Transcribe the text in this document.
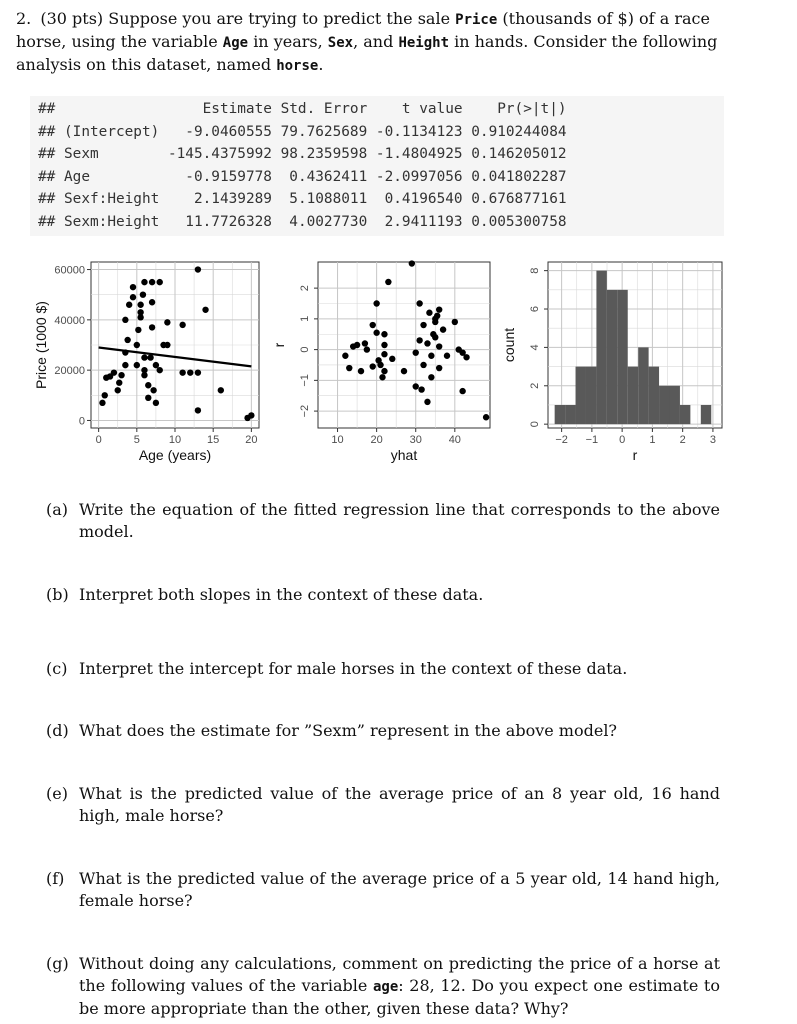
2. (30 pts) Suppose you are trying to predict the sale Price (thousands of $) of a race horse, using the variable Age in years, Sex, and Height in hands. Consider the following analysis on this dataset, named horse.
##                 Estimate Std. Error    t value    Pr(>|t|)
## (Intercept)   -9.0460555 79.7625689 -0.1134123 0.910244084
## Sexm        -145.4375992 98.2359598 -1.4804925 0.146205012
## Age           -0.9159778  0.4362411 -2.0997056 0.041802287
## Sexf:Height    2.1439289  5.1088011  0.4196540 0.676877161
## Sexm:Height   11.7726328  4.0027730  2.9411193 0.005300758
0	5	10 15 20
0
20000
40000
60000
Age (years)
Price (1000 $)
10 20 30 40
−2
−1
0
1
2
yhat
r
−2 −1 0 1 2 3
0
2
4
6
8
r
count
(a) Write the equation of the fitted regression line that corresponds to the above model.
(b) Interpret both slopes in the context of these data.
(c) Interpret the intercept for male horses in the context of these data.
(d) What does the estimate for ”Sexm” represent in the above model?
(e) What is the predicted value of the average price of an 8 year old, 16 hand high, male horse?
(f) What is the predicted value of the average price of a 5 year old, 14 hand high, female horse?
(g) Without doing any calculations, comment on predicting the price of a horse at the following values of the variable age: 28, 12. Do you expect one estimate to be more appropriate than the other, given these data? Why?
